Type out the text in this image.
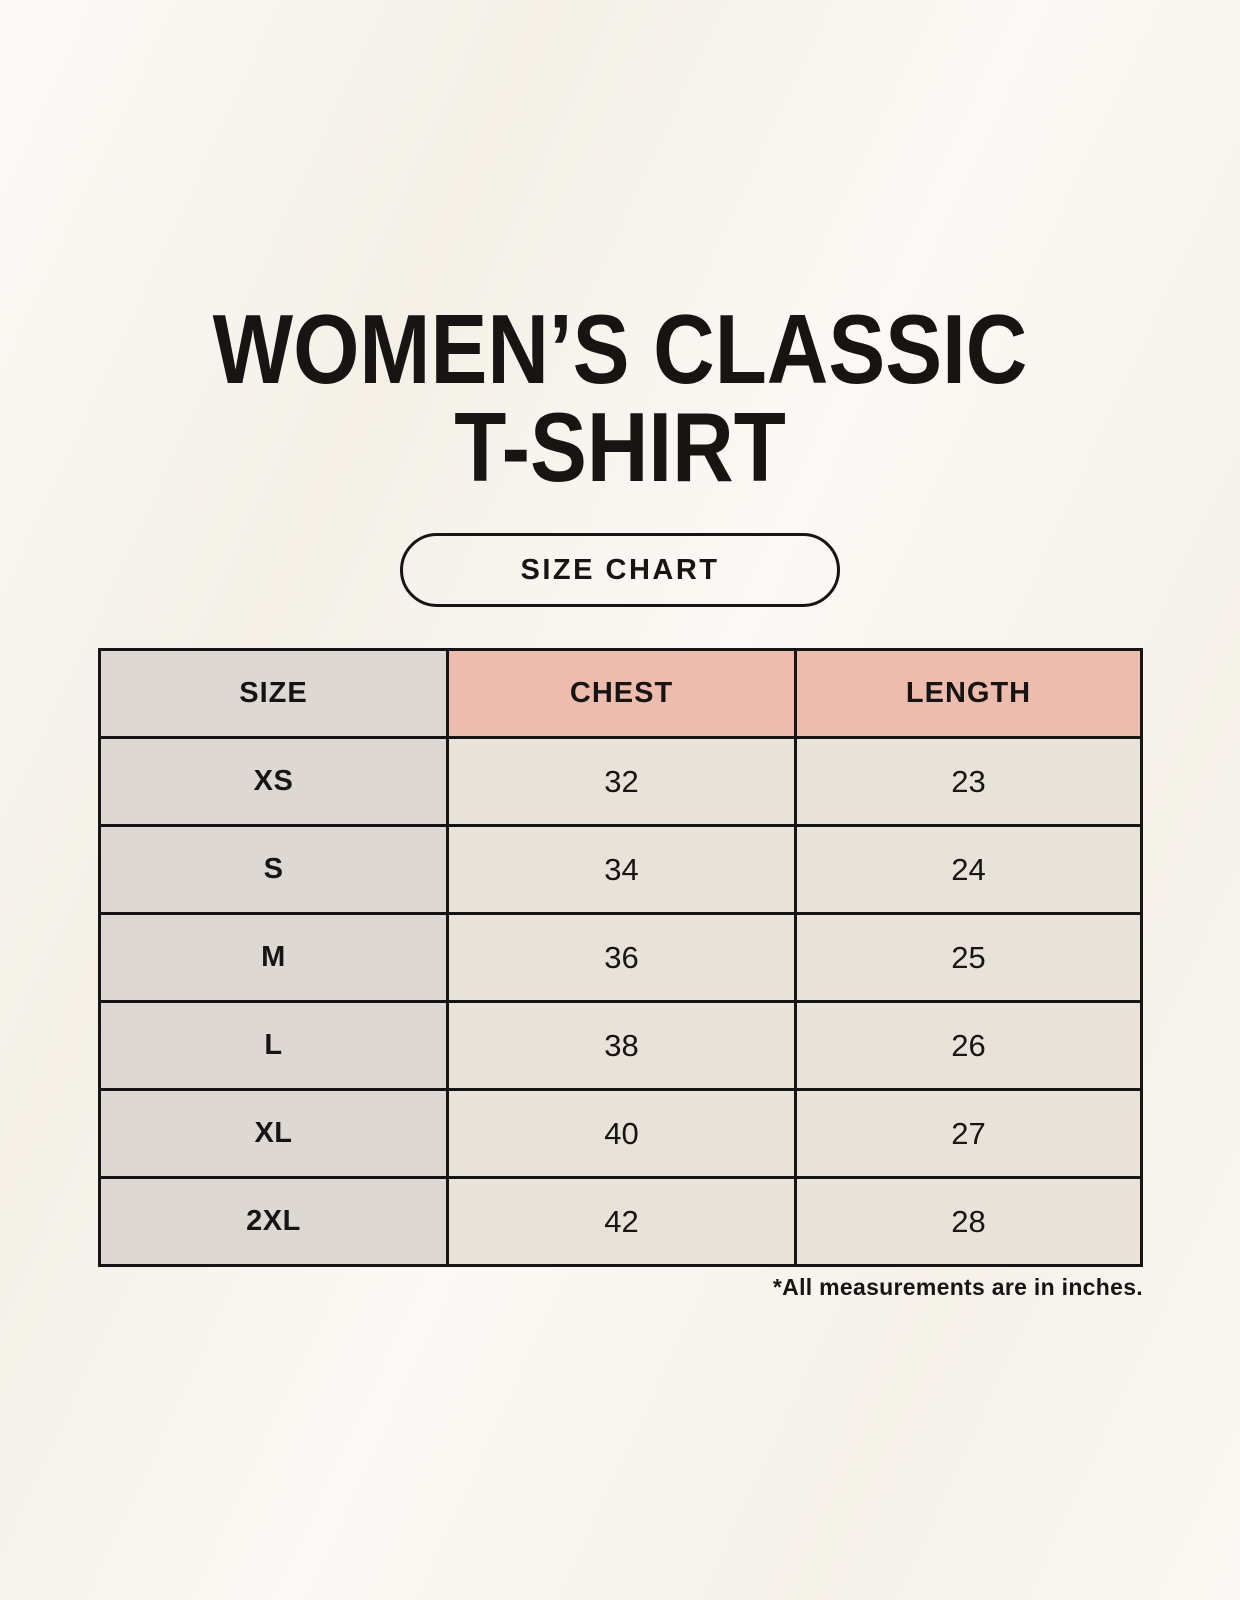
WOMEN’S CLASSIC
T-SHIRT
SIZE CHART
SIZE	CHEST	LENGTH
XS	32	23
S	34	24
M	36	25
L	38	26
XL	40	27
2XL	42	28
*All measurements are in inches.
